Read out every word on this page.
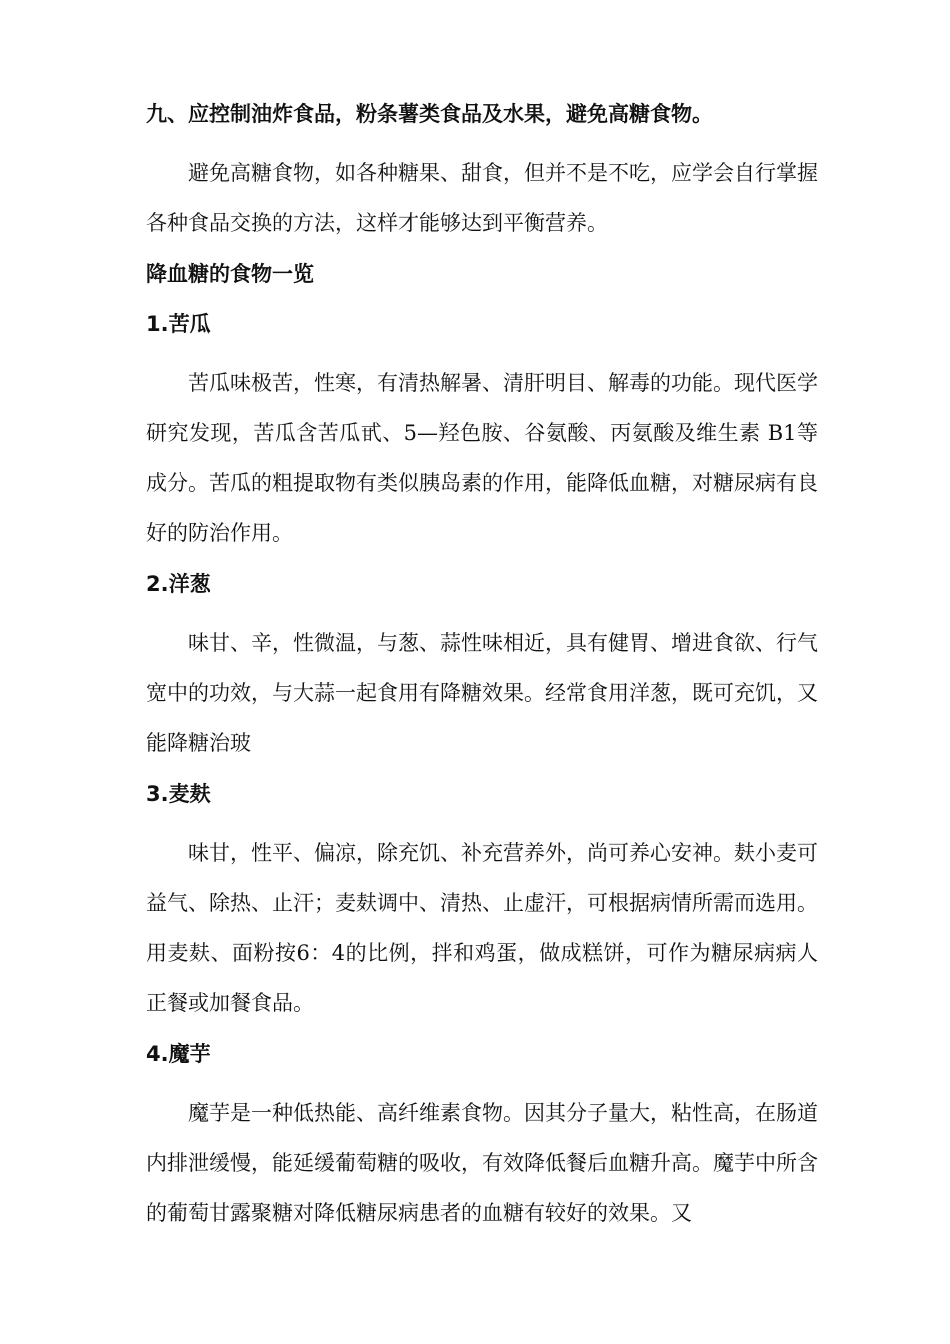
九、应控制油炸食品，粉条薯类食品及水果，避免高糖食物。

避免高糖食物，如各种糖果、甜食，但并不是不吃，应学会自行掌握各种食品交换的方法，这样才能够达到平衡营养。

降血糖的食物一览
1.苦瓜

苦瓜味极苦，性寒，有清热解暑、清肝明目、解毒的功能。现代医学研究发现，苦瓜含苦瓜甙、5—羟色胺、谷氨酸、丙氨酸及维生素 B1等成分。苦瓜的粗提取物有类似胰岛素的作用，能降低血糖，对糖尿病有良好的防治作用。

2.洋葱

味甘、辛，性微温，与葱、蒜性味相近，具有健胃、增进食欲、行气宽中的功效，与大蒜一起食用有降糖效果。经常食用洋葱，既可充饥，又能降糖治玻

3.麦麸

味甘，性平、偏凉，除充饥、补充营养外，尚可养心安神。麸小麦可益气、除热、止汗；麦麸调中、清热、止虚汗，可根据病情所需而选用。用麦麸、面粉按6：4的比例，拌和鸡蛋，做成糕饼，可作为糖尿病病人正餐或加餐食品。

4.魔芋

魔芋是一种低热能、高纤维素食物。因其分子量大，粘性高，在肠道内排泄缓慢，能延缓葡萄糖的吸收，有效降低餐后血糖升高。魔芋中所含的葡萄甘露聚糖对降低糖尿病患者的血糖有较好的效果。又
